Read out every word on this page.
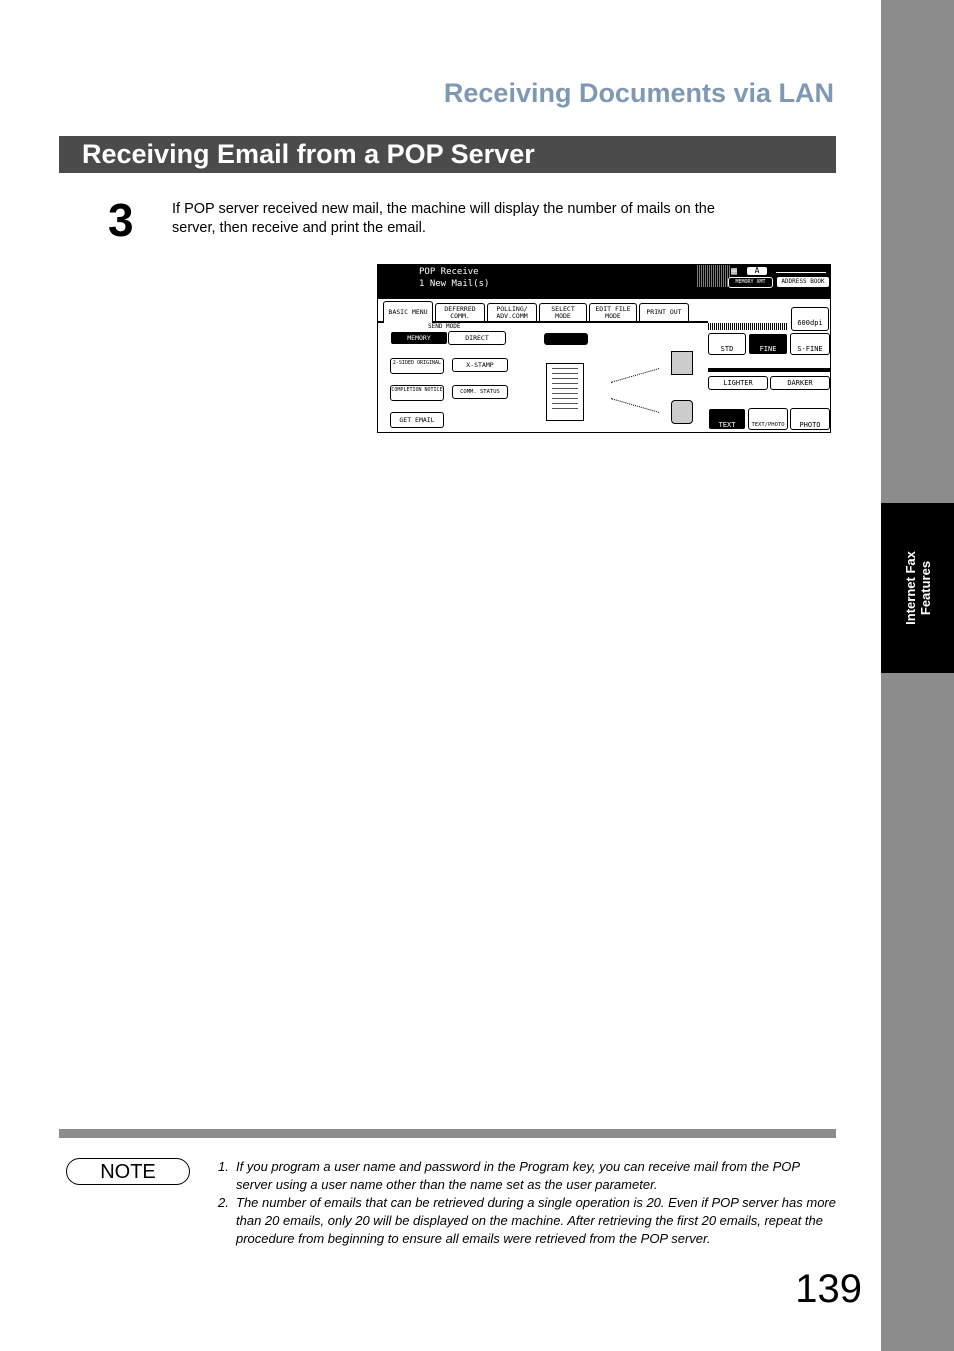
Internet Fax Features
Receiving Documents via LAN
Receiving Email from a POP Server
3	If POP server received new mail, the machine will display the number of mails on the server, then receive and print the email.
POP Receive
1 New Mail(s)
▦	A
MEMORY XMT	ADDRESS BOOK
BASIC MENU	DEFERRED
COMM.
POLLING/
ADV.COMM
SELECT
MODE
EDIT FILE
MODE	PRINT OUT
SEND MODE
MEMORY	DIRECT
2-SIDED ORIGINAL	X-STAMP
COMPLETION NOTICE	COMM. STATUS
GET EMAIL
600dpi
STD	FINE	S-FINE
LIGHTER	DARKER
TEXT	TEXT/PHOTO	PHOTO
NOTE	1. If you program a user name and password in the Program key, you can receive mail from the POP server using a user name other than the name set as the user parameter.
2. The number of emails that can be retrieved during a single operation is 20. Even if POP server has more than 20 emails, only 20 will be displayed on the machine. After retrieving the first 20 emails, repeat the procedure from beginning to ensure all emails were retrieved from the POP server.
139
